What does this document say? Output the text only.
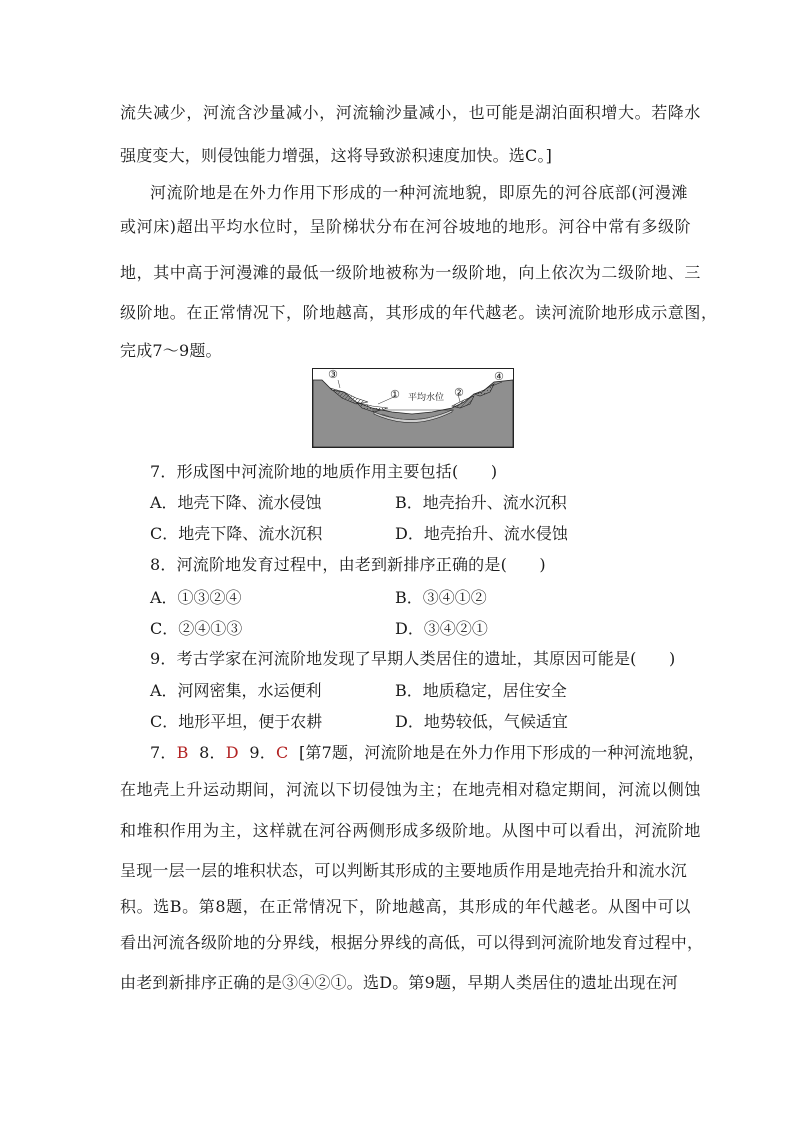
流失减少，河流含沙量减小，河流输沙量减小，也可能是湖泊面积增大。若降水
强度变大，则侵蚀能力增强，这将导致淤积速度加快。选C。]
河流阶地是在外力作用下形成的一种河流地貌，即原先的河谷底部(河漫滩
或河床)超出平均水位时，呈阶梯状分布在河谷坡地的地形。河谷中常有多级阶
地，其中高于河漫滩的最低一级阶地被称为一级阶地，向上依次为二级阶地、三
级阶地。在正常情况下，阶地越高，其形成的年代越老。读河流阶地形成示意图，
完成7～9题。
③
① 平均水位 ②
④
7．形成图中河流阶地的地质作用主要包括(　　)
A．地壳下降、流水侵蚀	B．地壳抬升、流水沉积
C．地壳下降、流水沉积	D．地壳抬升、流水侵蚀
8．河流阶地发育过程中，由老到新排序正确的是(　　)
A．①③②④	B．③④①②
C．②④①③	D．③④②①
9．考古学家在河流阶地发现了早期人类居住的遗址，其原因可能是(　　)
A．河网密集，水运便利	B．地质稳定，居住安全
C．地形平坦，便于农耕	D．地势较低，气候适宜
7．B 8．D 9．C [第7题，河流阶地是在外力作用下形成的一种河流地貌，
在地壳上升运动期间，河流以下切侵蚀为主；在地壳相对稳定期间，河流以侧蚀
和堆积作用为主，这样就在河谷两侧形成多级阶地。从图中可以看出，河流阶地
呈现一层一层的堆积状态，可以判断其形成的主要地质作用是地壳抬升和流水沉
积。选B。第8题，在正常情况下，阶地越高，其形成的年代越老。从图中可以
看出河流各级阶地的分界线，根据分界线的高低，可以得到河流阶地发育过程中，
由老到新排序正确的是③④②①。选D。第9题，早期人类居住的遗址出现在河
